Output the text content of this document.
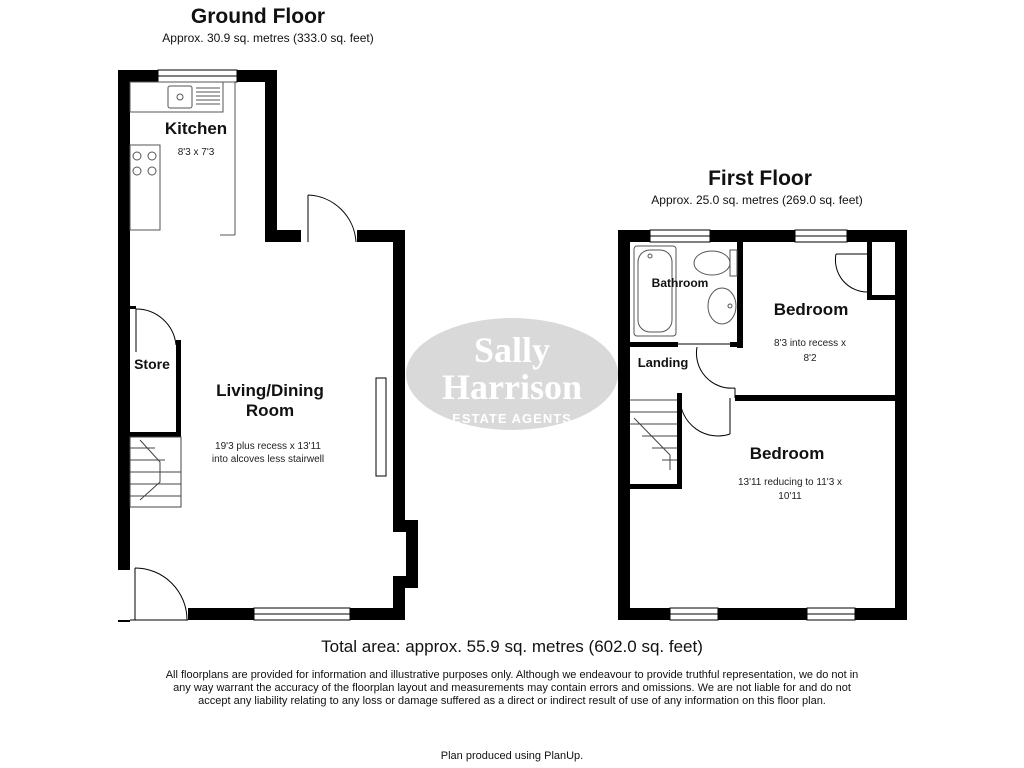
Ground Floor
Approx. 30.9 sq. metres (333.0 sq. feet)
First Floor
Approx. 25.0 sq. metres (269.0 sq. feet)
Sally
Harrison
ESTATE AGENTS
Kitchen
8'3 x 7'3
Store
Living/Dining
Room
19'3 plus recess x 13'11
into alcoves less stairwell
Bathroom
Landing
Bedroom
8'3 into recess x
8'2
Bedroom
13'11 reducing to 11'3 x
10'11
Total area: approx. 55.9 sq. metres (602.0 sq. feet)
All floorplans are provided for information and illustrative purposes only. Although we endeavour to provide truthful representation, we do not in any way warrant the accuracy of the floorplan layout and measurements may contain errors and omissions. We are not liable for and do not accept any liability relating to any loss or damage suffered as a direct or indirect result of use of any information on this floor plan.
Plan produced using PlanUp.
